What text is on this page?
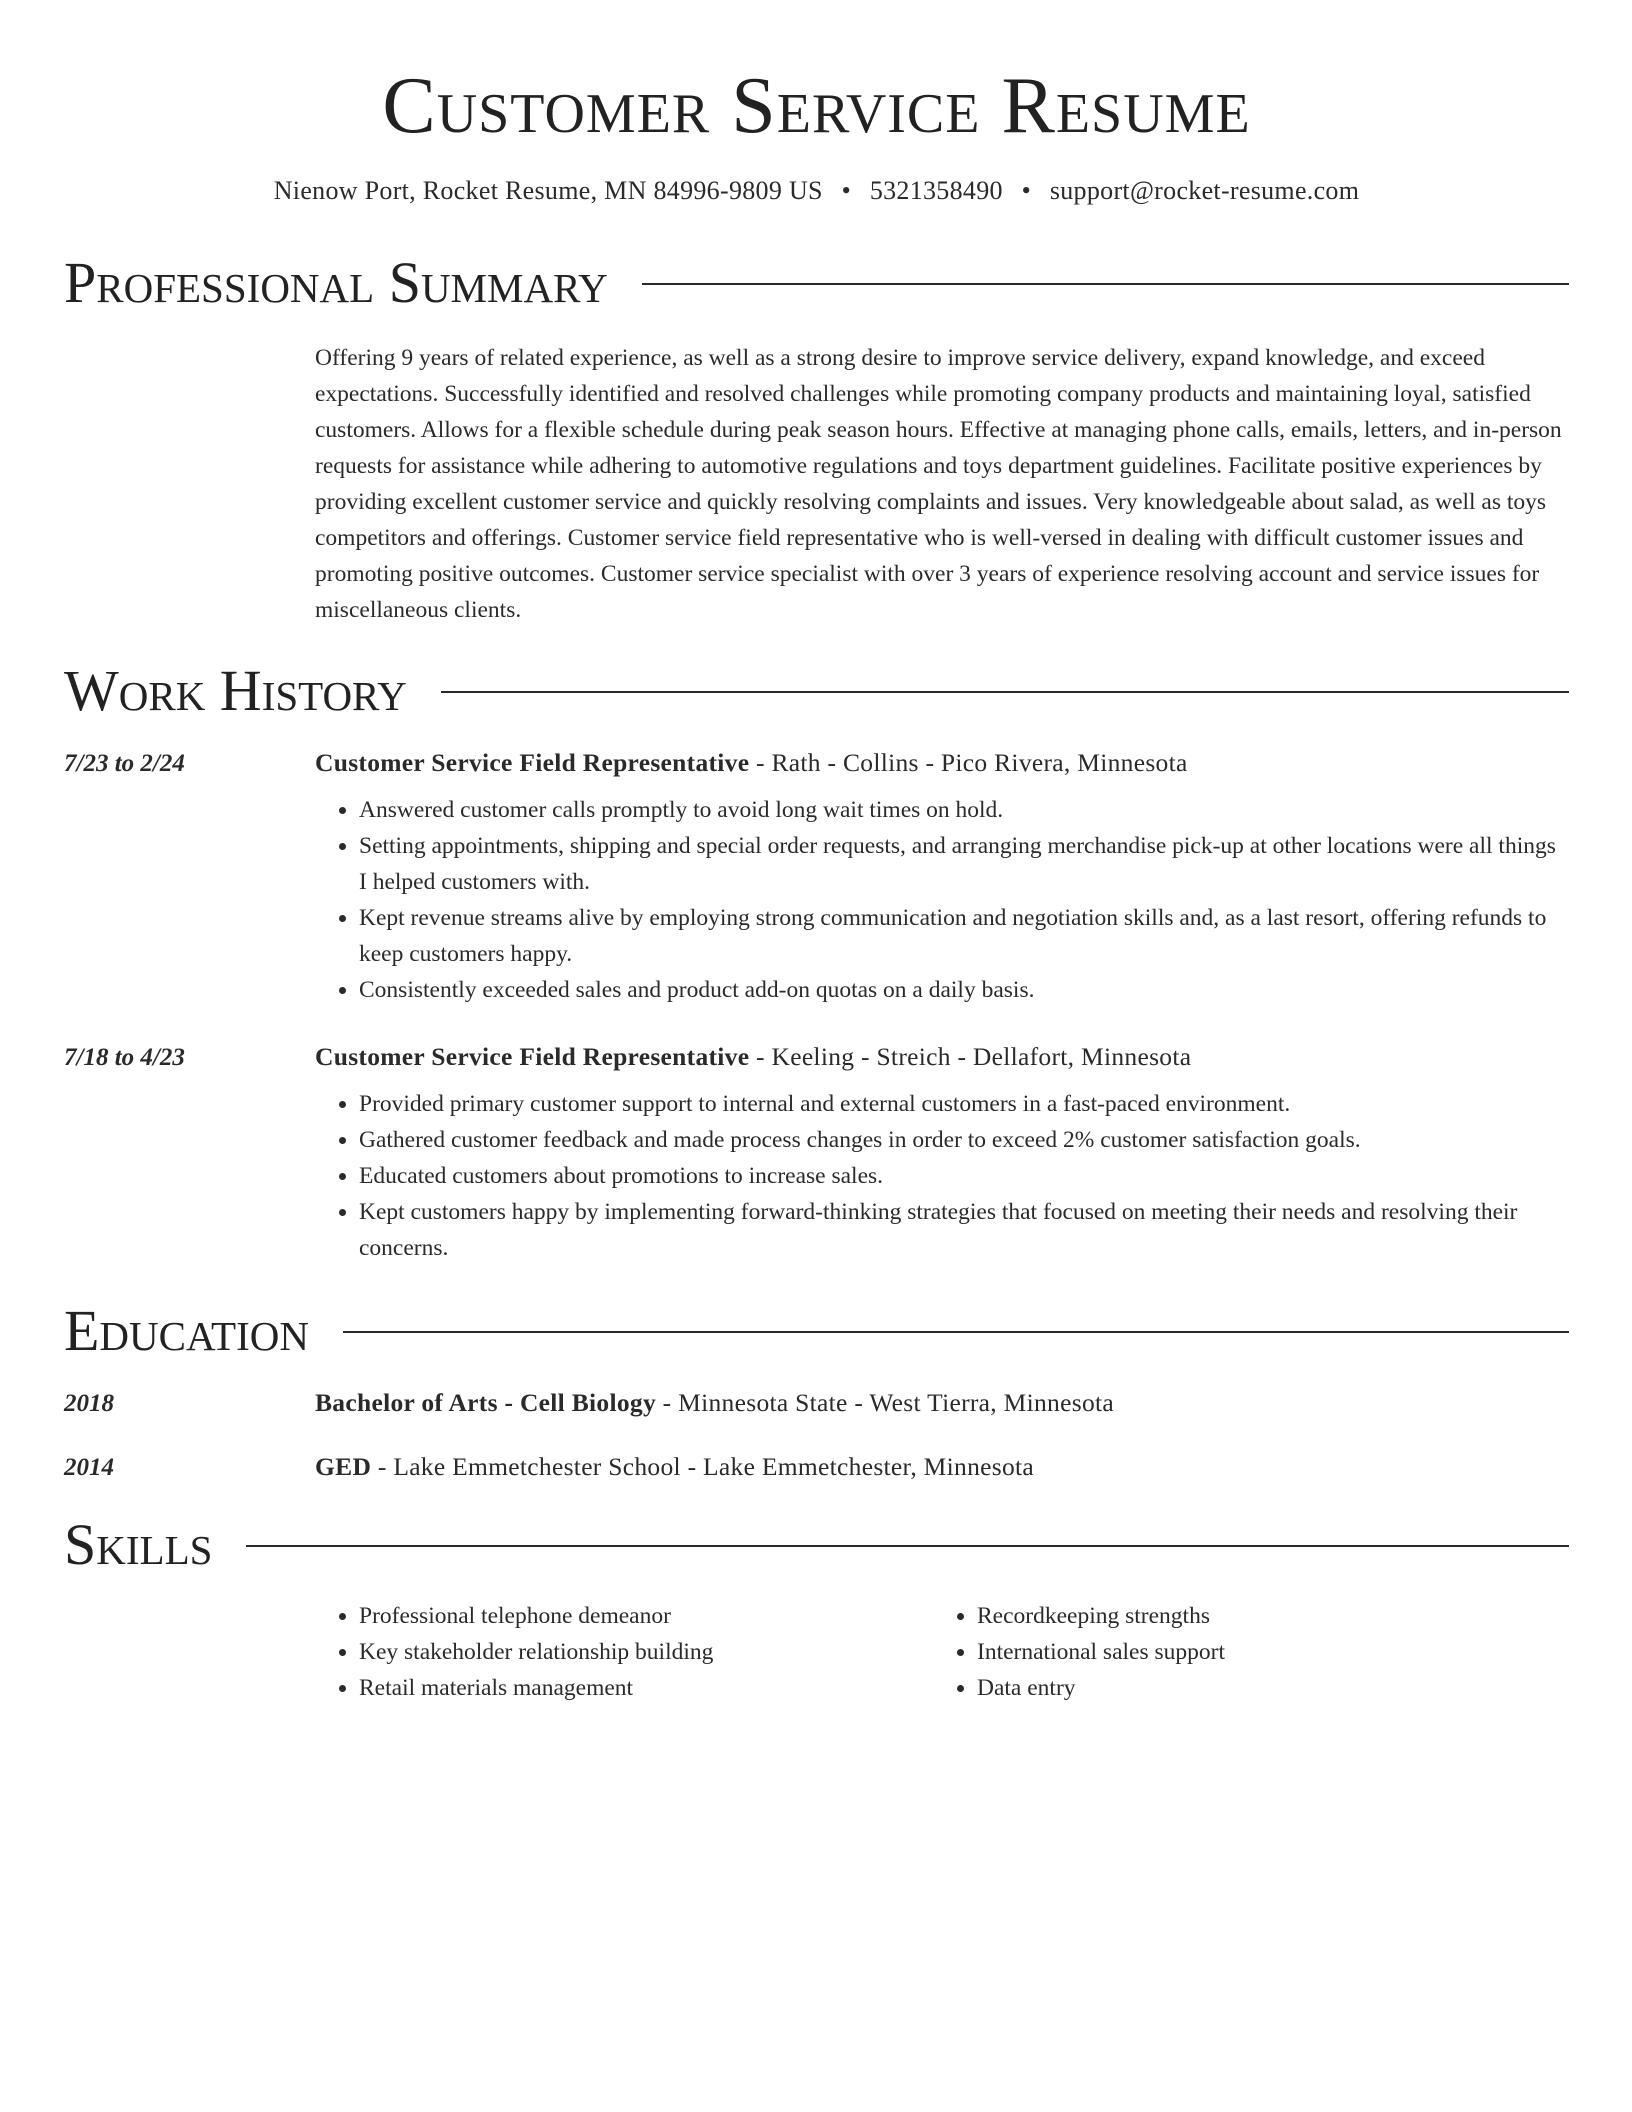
Customer Service Resume
Nienow Port, Rocket Resume, MN 84996-9809 US • 5321358490 • support@rocket-resume.com
Professional Summary
Offering 9 years of related experience, as well as a strong desire to improve service delivery, expand knowledge, and exceed expectations. Successfully identified and resolved challenges while promoting company products and maintaining loyal, satisfied customers. Allows for a flexible schedule during peak season hours. Effective at managing phone calls, emails, letters, and in-person requests for assistance while adhering to automotive regulations and toys department guidelines. Facilitate positive experiences by providing excellent customer service and quickly resolving complaints and issues. Very knowledgeable about salad, as well as toys competitors and offerings. Customer service field representative who is well-versed in dealing with difficult customer issues and promoting positive outcomes. Customer service specialist with over 3 years of experience resolving account and service issues for miscellaneous clients.
Work History
7/23 to 2/24	Customer Service Field Representative - Rath - Collins - Pico Rivera, Minnesota
• Answered customer calls promptly to avoid long wait times on hold.
• Setting appointments, shipping and special order requests, and arranging merchandise pick-up at other locations were all things I helped customers with.
• Kept revenue streams alive by employing strong communication and negotiation skills and, as a last resort, offering refunds to keep customers happy.
• Consistently exceeded sales and product add-on quotas on a daily basis.
7/18 to 4/23	Customer Service Field Representative - Keeling - Streich - Dellafort, Minnesota
• Provided primary customer support to internal and external customers in a fast-paced environment.
• Gathered customer feedback and made process changes in order to exceed 2% customer satisfaction goals.
• Educated customers about promotions to increase sales.
• Kept customers happy by implementing forward-thinking strategies that focused on meeting their needs and resolving their concerns.
Education
2018	Bachelor of Arts - Cell Biology - Minnesota State - West Tierra, Minnesota
2014	GED - Lake Emmetchester School - Lake Emmetchester, Minnesota
Skills
• Professional telephone demeanor
• Key stakeholder relationship building
• Retail materials management
• Recordkeeping strengths
• International sales support
• Data entry
